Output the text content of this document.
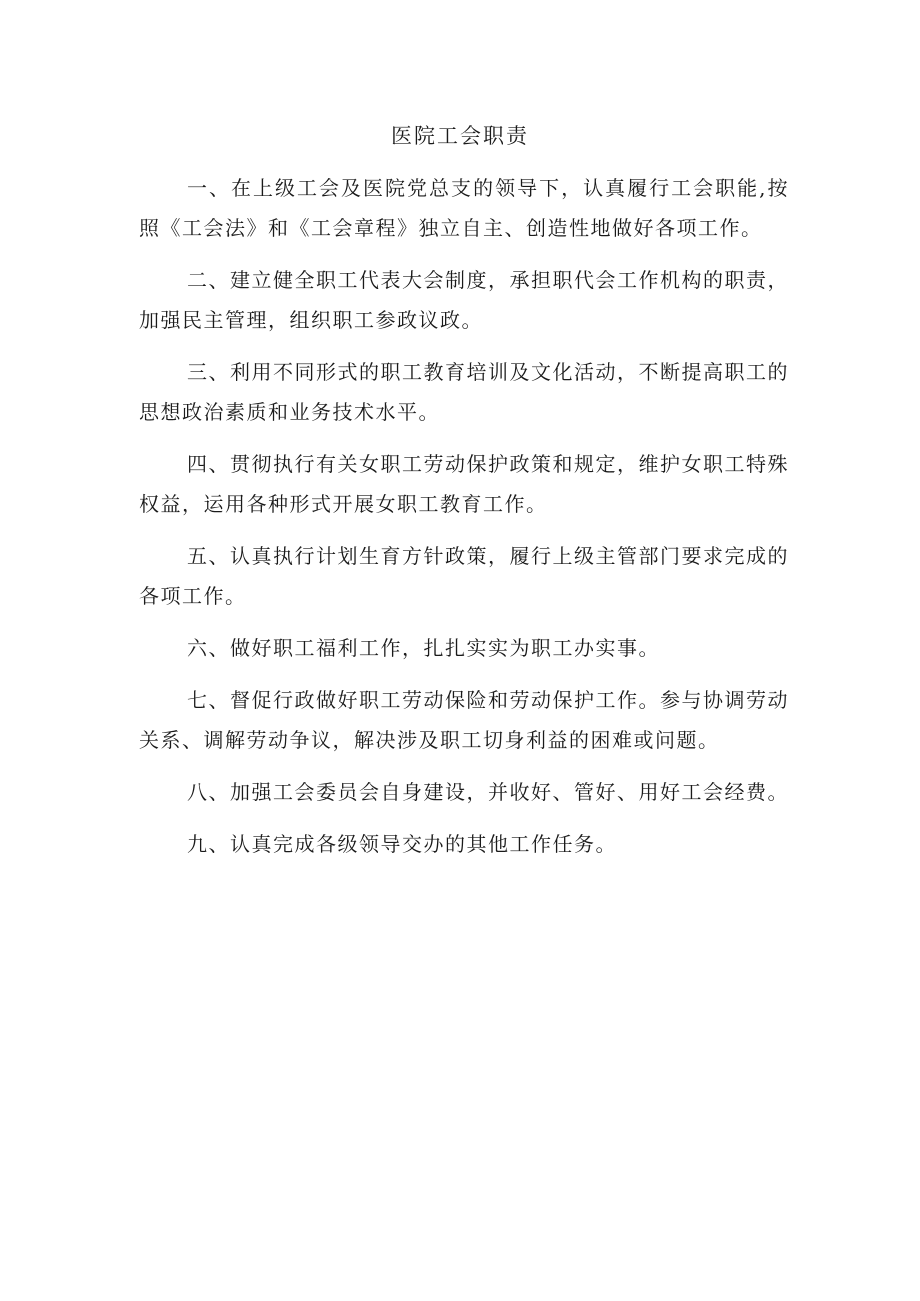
医院工会职责

一、在上级工会及医院党总支的领导下，认真履行工会职能,按照《工会法》和《工会章程》独立自主、创造性地做好各项工作。

二、建立健全职工代表大会制度，承担职代会工作机构的职责，加强民主管理，组织职工参政议政。

三、利用不同形式的职工教育培训及文化活动，不断提高职工的思想政治素质和业务技术水平。

四、贯彻执行有关女职工劳动保护政策和规定，维护女职工特殊权益，运用各种形式开展女职工教育工作。

五、认真执行计划生育方针政策，履行上级主管部门要求完成的各项工作。

六、做好职工福利工作，扎扎实实为职工办实事。

七、督促行政做好职工劳动保险和劳动保护工作。参与协调劳动关系、调解劳动争议，解决涉及职工切身利益的困难或问题。

八、加强工会委员会自身建设，并收好、管好、用好工会经费。

九、认真完成各级领导交办的其他工作任务。
